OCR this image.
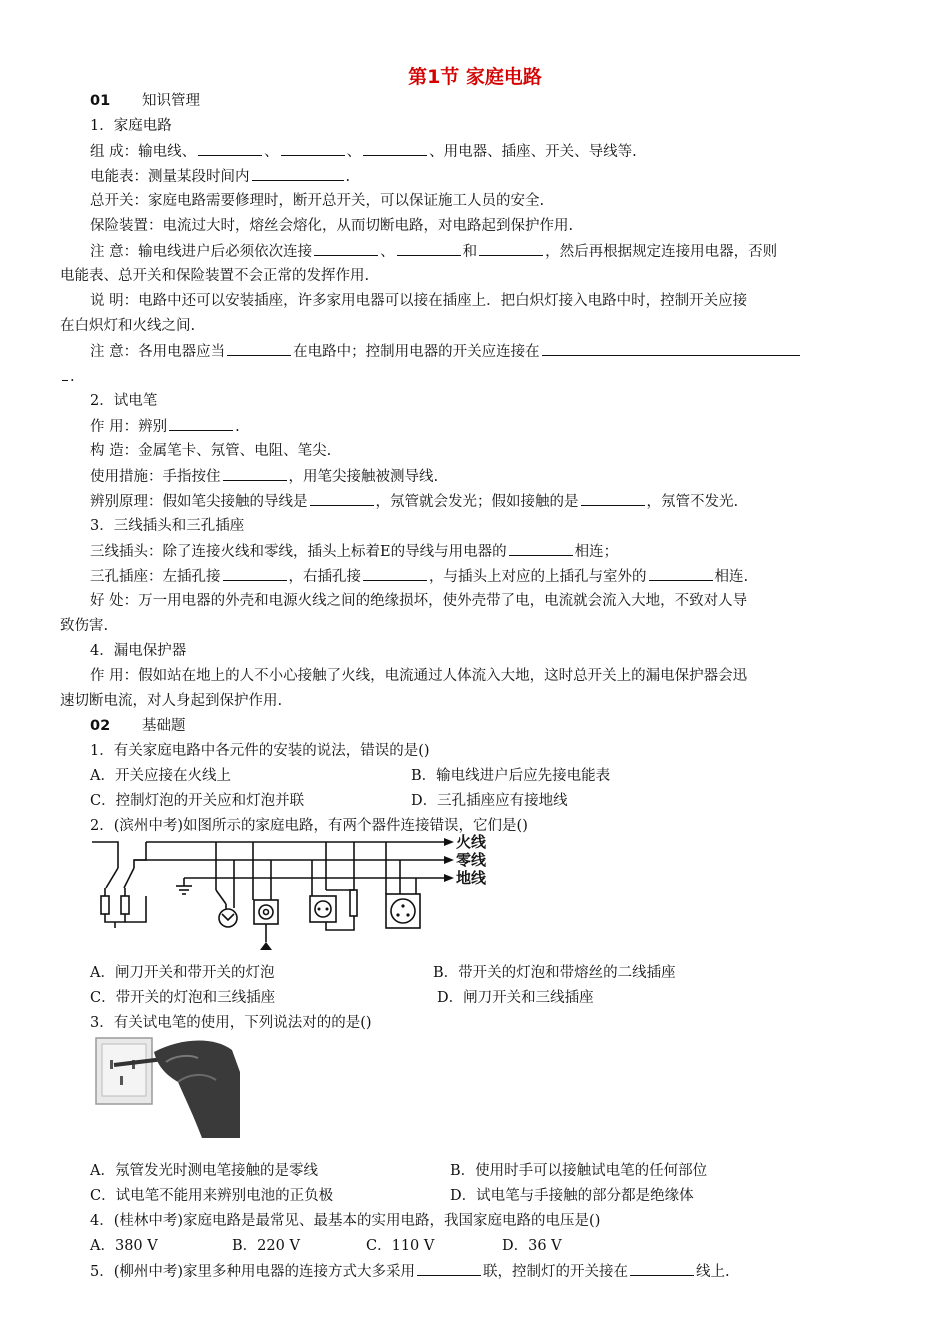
第1节 家庭电路
01 知识管理
1．家庭电路
组 成：输电线、	、	、	、用电器、插座、开关、导线等.
电能表：测量某段时间内	.
总开关：家庭电路需要修理时，断开总开关，可以保证施工人员的安全.
保险装置：电流过大时，熔丝会熔化，从而切断电路，对电路起到保护作用.
注 意：输电线进户后必须依次连接	、	和	，然后再根据规定连接用电器，否则
电能表、总开关和保险装置不会正常的发挥作用.
说 明：电路中还可以安装插座，许多家用电器可以接在插座上．把白炽灯接入电路中时，控制开关应接
在白炽灯和火线之间.
注 意：各用电器应当	在电路中；控制用电器的开关应连接在
.
2．试电笔
作 用：辨别	.
构 造：金属笔卡、氖管、电阻、笔尖.
使用措施：手指按住	，用笔尖接触被测导线.
辨别原理：假如笔尖接触的导线是	，氖管就会发光；假如接触的是	，氖管不发光.
3．三线插头和三孔插座
三线插头：除了连接火线和零线，插头上标着E的导线与用电器的	相连；
三孔插座：左插孔接	，右插孔接	，与插头上对应的上插孔与室外的	相连.
好 处：万一用电器的外壳和电源火线之间的绝缘损坏，使外壳带了电，电流就会流入大地，不致对人导
致伤害.
4．漏电保护器
作 用：假如站在地上的人不小心接触了火线，电流通过人体流入大地，这时总开关上的漏电保护器会迅
速切断电流，对人身起到保护作用.
02 基础题
1．有关家庭电路中各元件的安装的说法，错误的是()
A．开关应接在火线上	B．输电线进户后应先接电能表
C．控制灯泡的开关应和灯泡并联	D．三孔插座应有接地线
2．(滨州中考)如图所示的家庭电路，有两个器件连接错误，它们是()
火线
零线
地线
A．闸刀开关和带开关的灯泡	B．带开关的灯泡和带熔丝的二线插座
C．带开关的灯泡和三线插座	D．闸刀开关和三线插座
3．有关试电笔的使用，下列说法对的的是()
A．氖管发光时测电笔接触的是零线	B．使用时手可以接触试电笔的任何部位
C．试电笔不能用来辨别电池的正负极	D．试电笔与手接触的部分都是绝缘体
4．(桂林中考)家庭电路是最常见、最基本的实用电路，我国家庭电路的电压是()
A．380 V	B．220 V	C．110 V	D．36 V
5．(柳州中考)家里多种用电器的连接方式大多采用	联，控制灯的开关接在	线上.
